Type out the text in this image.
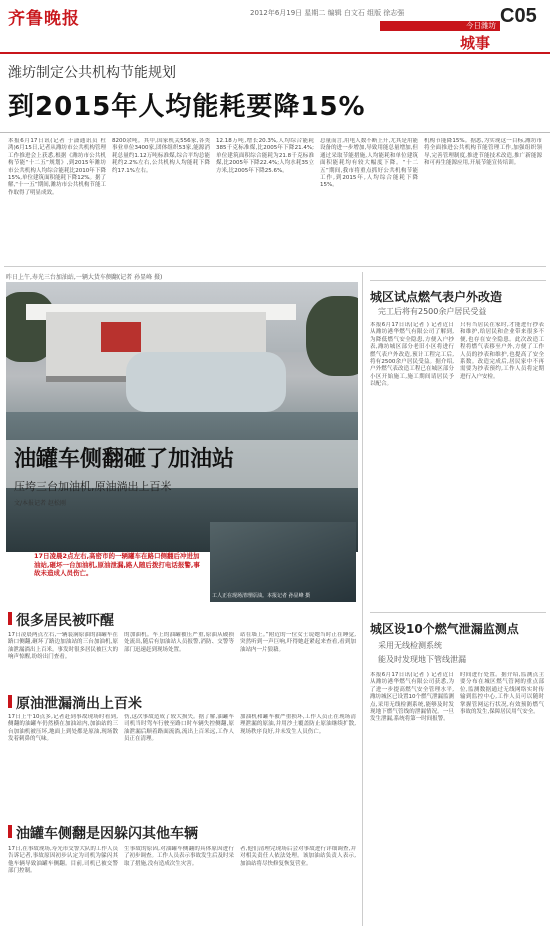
齐鲁晚报	2012年6月19日 星期二 编辑 白文石 组版 徐志强
今日潍坊 C05
城事
潍坊制定公共机构节能规划
到2015年人均能耗要降15%
本报6月17日讯(记者 于潇通讯员 杜鸿)6月15日,记者从潍坊市公共机构管理工作推进会上获悉,根据《潍坊市公共机构节能“十二五”规划》,到2015年潍坊市公共机构人均综合能耗比2010年下降15%,单位建筑面积能耗下降12%。据了解,“十一五”期间,潍坊市公共机构节能工作取得了明显成效。
8200余吨。其中,国家机关556家,各类事业单位3400家,团体组织53家,能源消耗总量约1.12万吨标准煤,综合平均总能耗约2.2%左右,公共机构人均能耗下降约17.1%左右。
12.18万吨,增长20.3%,人均综合能耗385千克标准煤,比2005年下降21.4%;单位建筑面积综合能耗为21.8千克标准煤,比2005年下降22.4%;人均水耗35立方米,比2005年下降25.6%。
总量而言,用电人数不断上升,尤其是用能设备的进一步增加,导致用能总量增加,但通过采取节能措施,人均能耗和单位建筑面积能耗均有较大幅度下降。“十二五”期间,我市将重点抓好公共机构节能工作,到2015年,人均综合能耗下降15%。
机构节能降15%。据悉,为实现这一目标,潍坊市将全面推进公共机构节能管理工作,加强组织领导,完善管理制度,推进节能技术改造,推广新能源和可再生能源应用,开展节能宣传培训。
昨日上午,寿光三台加油站,一辆大货车侧翻(记者 孙显峰 摄)
油罐车侧翻砸了加油站
压垮三台加油机,原油淌出上百米
文/本报记者 赵松刚
17日凌晨2点左右,高密市的一辆罐车在路口侧翻后冲进加油站,砸坏一台加油机,原油泄漏,路人随后拨打电话报警,事故未造成人员伤亡。
工人正在现场清理原油。本报记者 孙显峰 摄
很多居民被吓醒
17日凌晨两点左右,一辆装满原油的油罐车在路口侧翻,砸坏了路边加油站的三台加油机,原油泄漏淌出上百米。事发时很多居民被巨大的响声惊醒,纷纷出门查看。
的加油机。车上的油罐被压严重,原油从破损处流出,随后有加油站人员报警,消防、交警等部门迅速赶到现场处置。
站在墙上。”附近的一位女士说她当时正在睡觉,突然听到一声巨响,吓得她赶紧起来查看,看到加油站内一片狼藉。
原油泄漏淌出上百米
17日上午10点多,记者赶到事故现场时看到,侧翻的油罐车仍然横在加油站内,加油站的三台加油机被压坏,地面上到处都是原油,现场散发着刺鼻的气味。
伤,这次事故造成了较大损失。据了解,油罐车司机当时驾车行驶至路口时车辆失控侧翻,原油泄漏后顺着路面流淌,流出上百米远,工作人员正在清理。
加油机和罐车被严重损坏,工作人员正在现场清理泄漏的原油,并用沙土覆盖防止原油继续扩散,现场秩序良好,并未发生人员伤亡。
油罐车侧翻是因躲闪其他车辆
17日,在事故现场,寿光市交警大队的工作人员告诉记者,事故原因初步认定为司机为躲闪其他车辆导致油罐车侧翻。目前,司机已被交警部门控制。
生事故的原因,对油罐车侧翻的具体原因进行了初步调查。工作人员表示事故发生后及时采取了措施,没有造成次生灾害。
者,他们清理完现场后会对事故进行详细调查,并对相关责任人依法处理。该加油站负责人表示,加油站将尽快修复恢复营业。
城区试点燃气表户外改造
完工后将有2500余户居民受益
本报6月17日讯(记者 ) 记者近日从潍坊港华燃气有限公司了解到,为降低燃气安全隐患,方便入户抄表,潍坊城区部分老旧小区将进行燃气表户外改造,预计工程完工后,将有2500余户居民受益。据介绍,户外燃气表改造工程已在城区部分小区开始施工,施工期间请居民予以配合。
只有当居民在家时,才能进行抄表和维护,给居民和企业带来很多不便,也存在安全隐患。此次改造工程将燃气表移至户外,方便了工作人员的抄表和维护,也提高了安全系数。改造完成后,居民家中不再需要为抄表预约,工作人员将定期进行入户安检。
城区设10个燃气泄漏监测点
采用无线检测系统
能及时发现地下管线泄漏
本报6月17日讯(记者 ) 记者近日从潍坊港华燃气有限公司获悉,为了进一步提高燃气安全管理水平,潍坊城区已设置10个燃气泄漏监测点,采用无线检测系统,能够及时发现地下燃气管线的泄漏情况。一旦发生泄漏,系统将第一时间报警。
时间进行处置。据介绍,监测点主要分布在城区燃气管网的重点部位,监测数据通过无线网络实时传输到监控中心,工作人员可以随时掌握管网运行状况,有效预防燃气事故的发生,保障居民用气安全。
